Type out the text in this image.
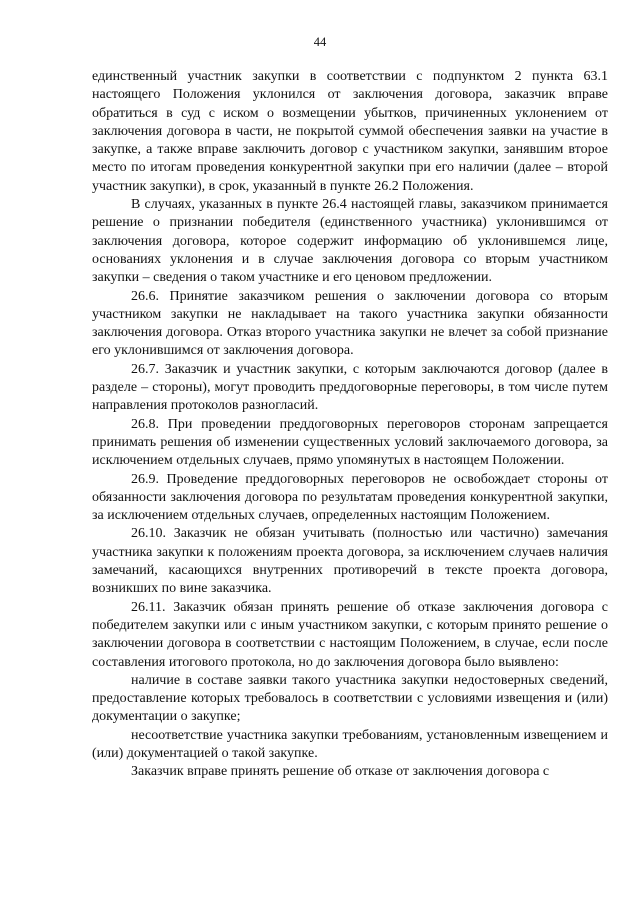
44

единственный участник закупки в соответствии с подпунктом 2 пункта 63.1 настоящего Положения уклонился от заключения договора, заказчик вправе обратиться в суд с иском о возмещении убытков, причиненных уклонением от заключения договора в части, не покрытой суммой обеспечения заявки на участие в закупке, а также вправе заключить договор с участником закупки, занявшим второе место по итогам проведения конкурентной закупки при его наличии (далее – второй участник закупки), в срок, указанный в пункте 26.2 Положения.

В случаях, указанных в пункте 26.4 настоящей главы, заказчиком принимается решение о признании победителя (единственного участника) уклонившимся от заключения договора, которое содержит информацию об уклонившемся лице, основаниях уклонения и в случае заключения договора со вторым участником закупки – сведения о таком участнике и его ценовом предложении.

26.6. Принятие заказчиком решения о заключении договора со вторым участником закупки не накладывает на такого участника закупки обязанности заключения договора. Отказ второго участника закупки не влечет за собой признание его уклонившимся от заключения договора.

26.7. Заказчик и участник закупки, с которым заключаются договор (далее в разделе – стороны), могут проводить преддоговорные переговоры, в том числе путем направления протоколов разногласий.

26.8. При проведении преддоговорных переговоров сторонам запрещается принимать решения об изменении существенных условий заключаемого договора, за исключением отдельных случаев, прямо упомянутых в настоящем Положении.

26.9. Проведение преддоговорных переговоров не освобождает стороны от обязанности заключения договора по результатам проведения конкурентной закупки, за исключением отдельных случаев, определенных настоящим Положением.

26.10. Заказчик не обязан учитывать (полностью или частично) замечания участника закупки к положениям проекта договора, за исключением случаев наличия замечаний, касающихся внутренних противоречий в тексте проекта договора, возникших по вине заказчика.

26.11. Заказчик обязан принять решение об отказе заключения договора с победителем закупки или с иным участником закупки, с которым принято решение о заключении договора в соответствии с настоящим Положением, в случае, если после составления итогового протокола, но до заключения договора было выявлено:

наличие в составе заявки такого участника закупки недостоверных сведений, предоставление которых требовалось в соответствии с условиями извещения и (или) документации о закупке;

несоответствие участника закупки требованиям, установленным извещением и (или) документацией о такой закупке.

Заказчик вправе принять решение об отказе от заключения договора с
